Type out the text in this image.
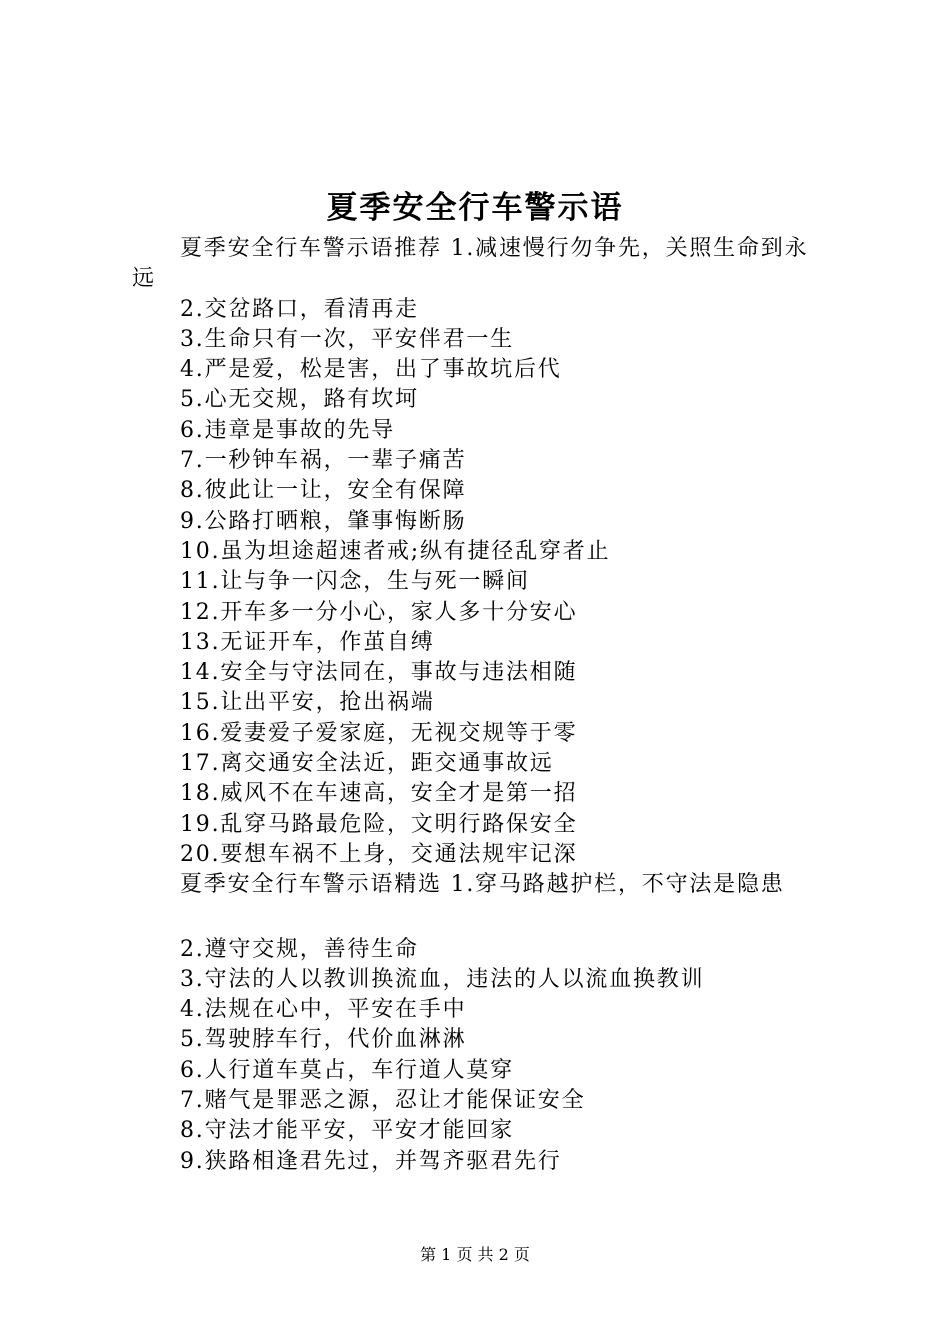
夏季安全行车警示语

夏季安全行车警示语推荐 1.减速慢行勿争先，关照生命到永远

2.交岔路口，看清再走

3.生命只有一次，平安伴君一生

4.严是爱，松是害，出了事故坑后代

5.心无交规，路有坎坷

6.违章是事故的先导

7.一秒钟车祸，一辈子痛苦

8.彼此让一让，安全有保障

9.公路打晒粮，肇事悔断肠

10.虽为坦途超速者戒;纵有捷径乱穿者止

11.让与争一闪念，生与死一瞬间

12.开车多一分小心，家人多十分安心

13.无证开车，作茧自缚

14.安全与守法同在，事故与违法相随

15.让出平安，抢出祸端

16.爱妻爱子爱家庭，无视交规等于零

17.离交通安全法近，距交通事故远

18.威风不在车速高，安全才是第一招

19.乱穿马路最危险，文明行路保安全

20.要想车祸不上身，交通法规牢记深

夏季安全行车警示语精选 1.穿马路越护栏，不守法是隐患

2.遵守交规，善待生命

3.守法的人以教训换流血，违法的人以流血换教训

4.法规在心中，平安在手中

5.驾驶脖车行，代价血淋淋

6.人行道车莫占，车行道人莫穿

7.赌气是罪恶之源，忍让才能保证安全

8.守法才能平安，平安才能回家

9.狭路相逢君先过，并驾齐驱君先行

第 1 页 共 2 页
